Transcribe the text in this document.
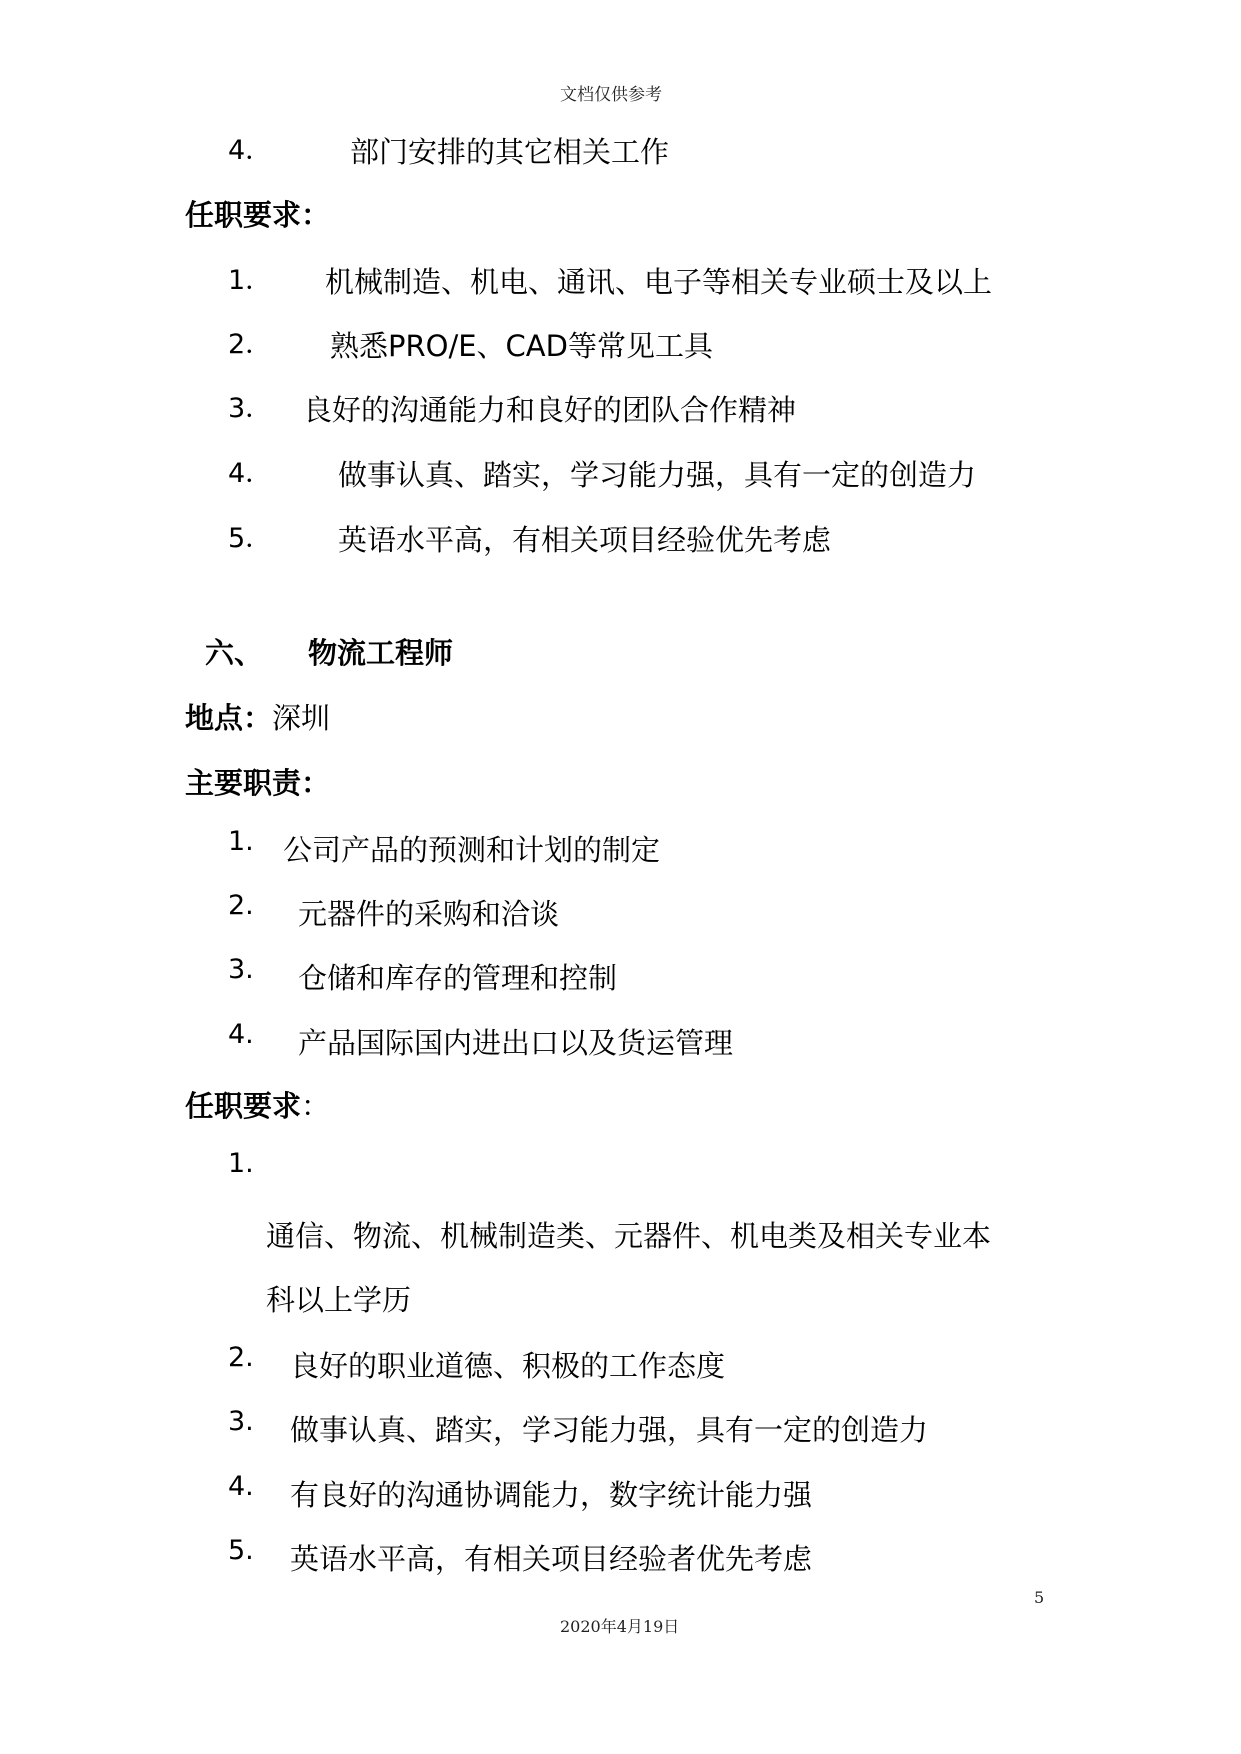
文档仅供参考
4．	部门安排的其它相关工作
任职要求：
1． 机械制造、机电、通讯、电子等相关专业硕士及以上
2． 熟悉PRO/E、CAD等常见工具
3． 良好的沟通能力和良好的团队合作精神
4． 做事认真、踏实，学习能力强，具有一定的创造力
5． 英语水平高，有相关项目经验优先考虑
六、 物流工程师
地点：深圳
主要职责：
1. 公司产品的预测和计划的制定
2. 元器件的采购和洽谈
3. 仓储和库存的管理和控制
4. 产品国际国内进出口以及货运管理
任职要求：
1.
通信、物流、机械制造类、元器件、机电类及相关专业本
科以上学历
2. 良好的职业道德、积极的工作态度
3. 做事认真、踏实，学习能力强，具有一定的创造力
4. 有良好的沟通协调能力，数字统计能力强
5. 英语水平高，有相关项目经验者优先考虑
5
2020年4月19日
